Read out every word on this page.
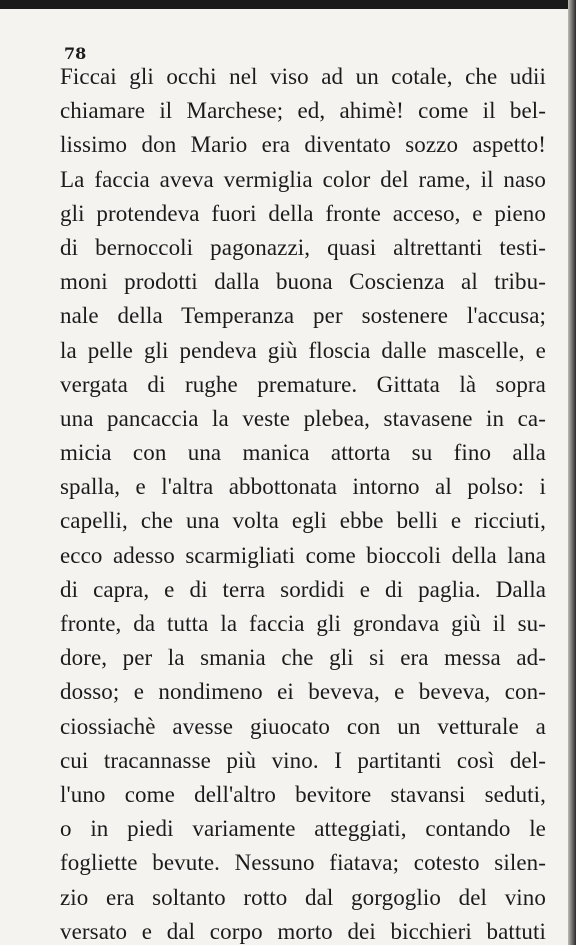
78

Ficcai gli occhi nel viso ad un cotale, che udii
chiamare il Marchese; ed, ahimè! come il bel-
lissimo don Mario era diventato sozzo aspetto!
La faccia aveva vermiglia color del rame, il naso
gli protendeva fuori della fronte acceso, e pieno
di bernoccoli pagonazzi, quasi altrettanti testi-
moni prodotti dalla buona Coscienza al tribu-
nale della Temperanza per sostenere l'accusa;
la pelle gli pendeva giù floscia dalle mascelle, e
vergata di rughe premature. Gittata là sopra
una pancaccia la veste plebea, stavasene in ca-
micia con una manica attorta su fino alla
spalla, e l'altra abbottonata intorno al polso: i
capelli, che una volta egli ebbe belli e ricciuti,
ecco adesso scarmigliati come bioccoli della lana
di capra, e di terra sordidi e di paglia. Dalla
fronte, da tutta la faccia gli grondava giù il su-
dore, per la smania che gli si era messa ad-
dosso; e nondimeno ei beveva, e beveva, con-
ciossiachè avesse giuocato con un vetturale a
cui tracannasse più vino. I partitanti così del-
l'uno come dell'altro bevitore stavansi seduti,
o in piedi variamente atteggiati, contando le
fogliette bevute. Nessuno fiatava; cotesto silen-
zio era soltanto rotto dal gorgoglio del vino
versato e dal corpo morto dei bicchieri battuti
